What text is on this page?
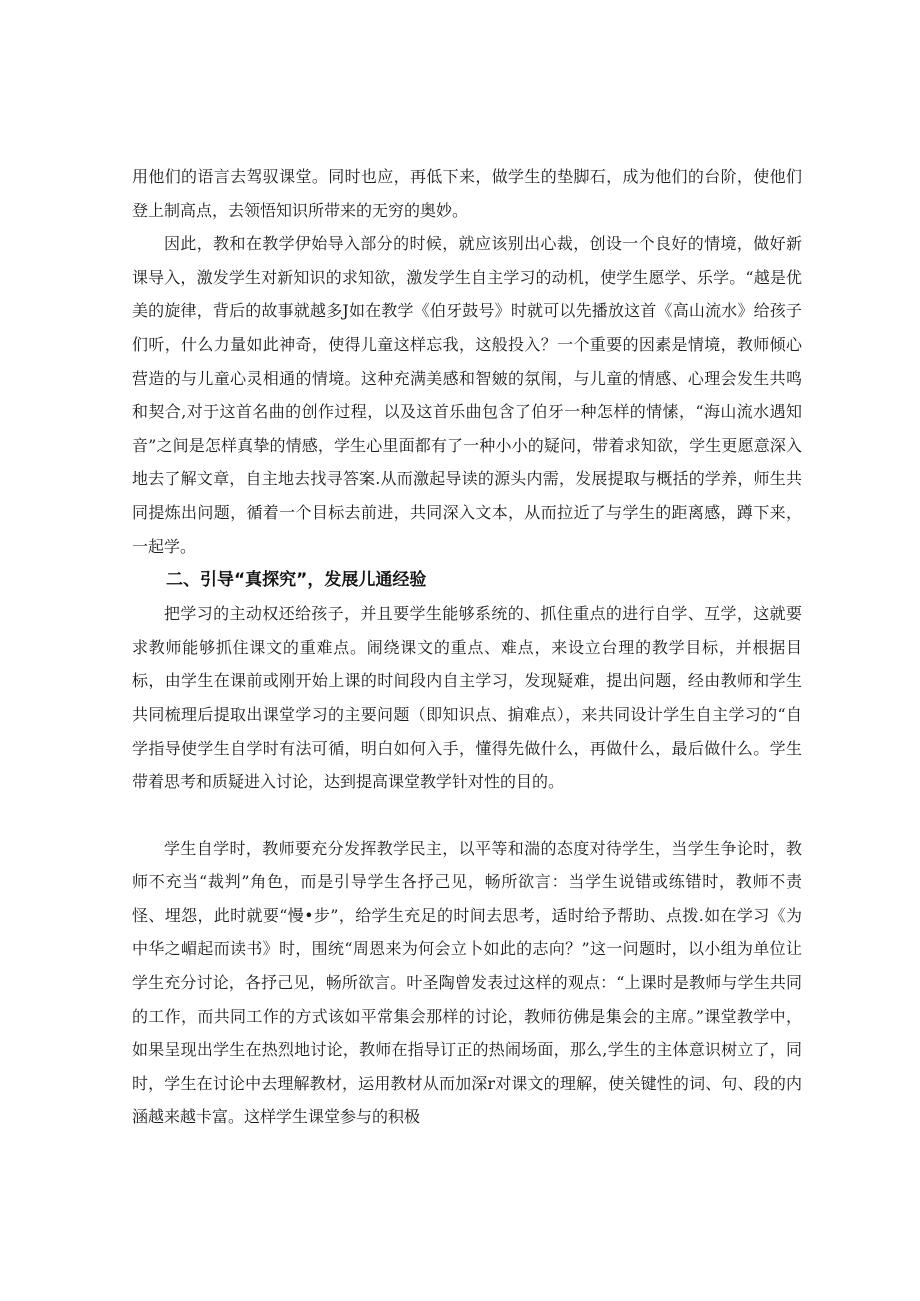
用他们的语言去驾驭课堂。同时也应，再低下来，做学生的垫脚石，成为他们的台阶，使他们登上制高点，去领悟知识所带来的无穷的奥妙。

因此，教和在教学伊始导入部分的时候，就应该别出心裁，创设一个良好的情境，做好新课导入，激发学生对新知识的求知欲，激发学生自主学习的动机，使学生愿学、乐学。“越是优美的旋律，背后的故事就越多J如在教学《伯牙鼓号》时就可以先播放这首《高山流水》给孩子们听，什么力量如此神奇，使得儿童这样忘我，这般投入？一个重要的因素是情境，教师倾心营造的与儿童心灵相通的情境。这种充满美感和智皴的氛闱，与儿童的情感、心理会发生共鸣和契合,对于这首名曲的创作过程，以及这首乐曲包含了伯牙一种怎样的情愫，“海山流水遇知音”之间是怎样真挚的情感，学生心里面都有了一种小小的疑问，带着求知欲，学生更愿意深入地去了解文章，自主地去找寻答案.从而激起导读的源头内需，发展提取与概括的学养，师生共同提炼出问题，循着一个目标去前进，共同深入文本，从而拉近了与学生的距离感，蹲下来，一起学。

二、引导“真探究”，发展儿通经验

把学习的主动权还给孩子，并且要学生能够系统的、抓住重点的进行自学、互学，这就要求教师能够抓住课文的重难点。闹绕课文的重点、难点，来设立台理的教学目标，并根据目标，由学生在课前或刚开始上课的时间段内自主学习，发现疑难，提出问题，经由教师和学生共同梳理后提取出课堂学习的主要问题（即知识点、掮难点），来共同设计学生自主学习的“自学指导使学生自学时有法可循，明白如何入手，懂得先做什么，再做什么，最后做什么。学生带着思考和质疑进入讨论，达到提高课堂教学针对性的目的。

学生自学时，教师要充分发挥教学民主，以平等和湍的态度对待学生，当学生争论时，教师不充当“裁判”角色，而是引导学生各抒己见，畅所欲言：当学生说错或练错时，教师不责怪、埋怨，此时就要“慢•步”，给学生充足的时间去思考，适时给予帮助、点拨.如在学习《为中华之嵋起而读书》时，围统“周恩来为何会立卜如此的志向？”这一问题时，以小组为单位让学生充分讨论，各抒己见，畅所欲言。叶圣陶曾发表过这样的观点：“上课时是教师与学生共同的工作，而共同工作的方式该如平常集会那样的讨论，教师彷佛是集会的主席。”课堂教学中，如果呈现出学生在热烈地讨论，教师在指导订正的热闹场面，那么,学生的主体意识树立了，同时，学生在讨论中去理解教材，运用教材从而加深r对课文的理解，使关键性的词、句、段的内涵越来越卡富。这样学生课堂参与的积极
